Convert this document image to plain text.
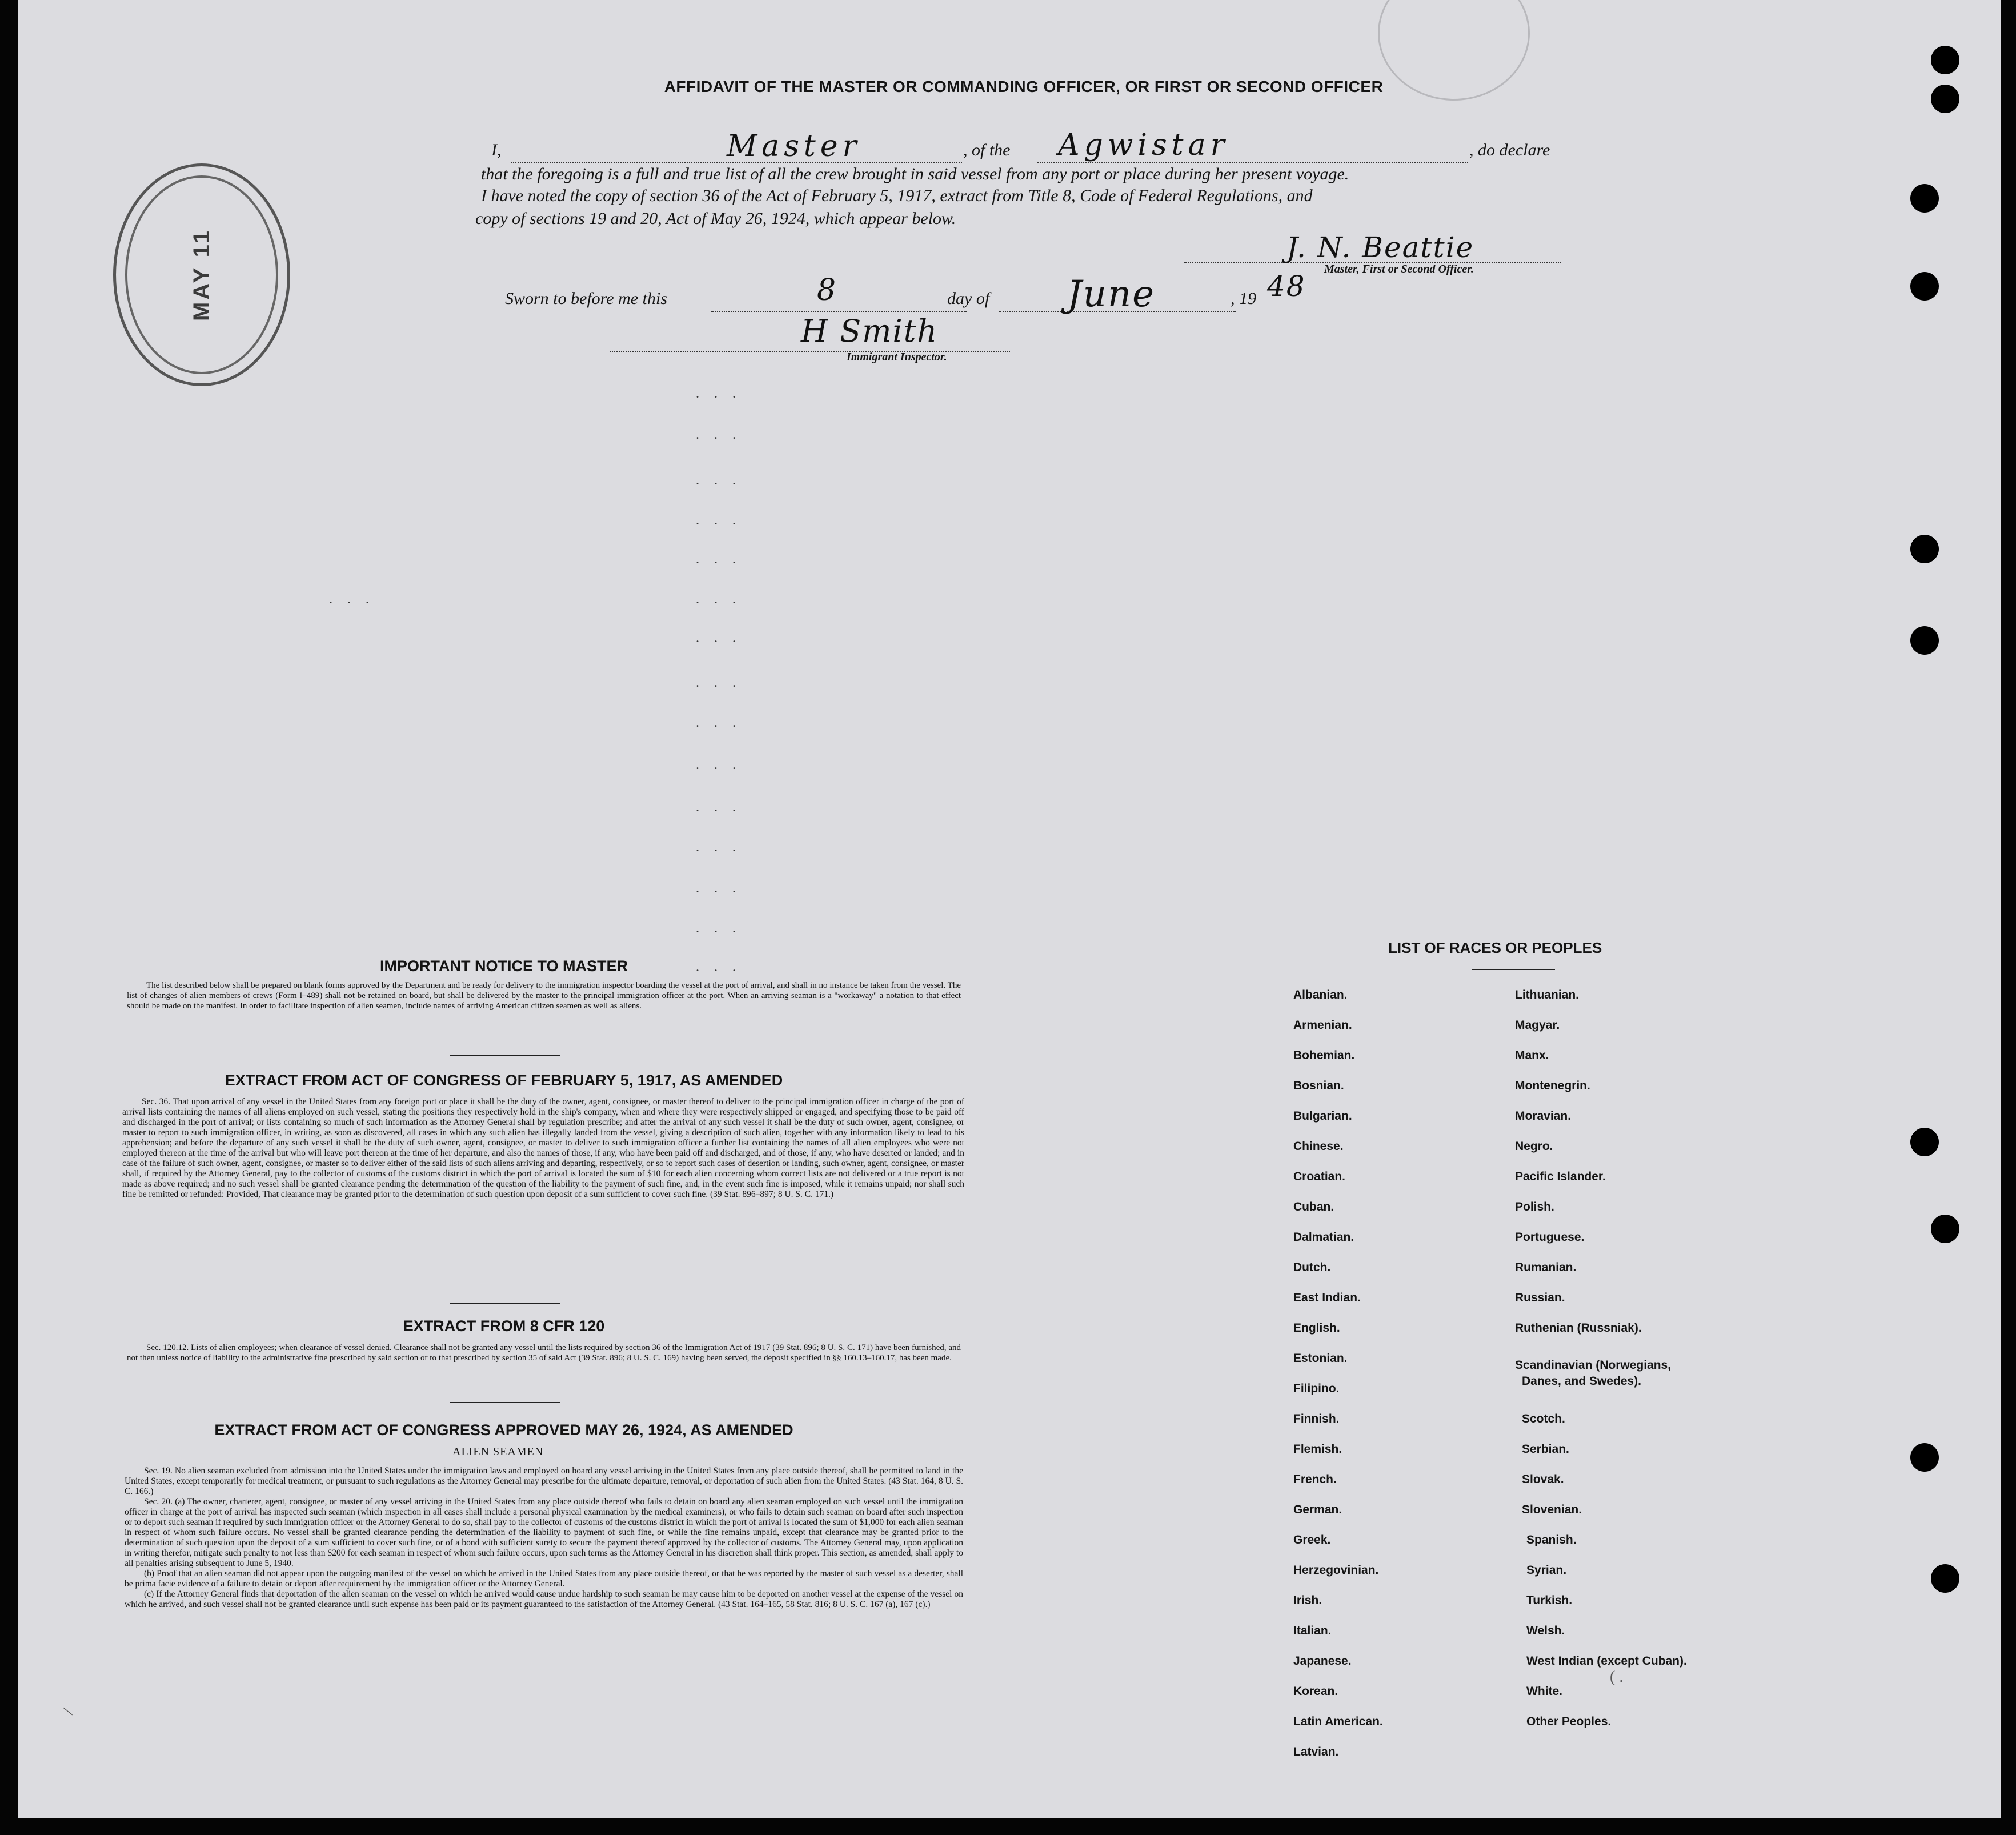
AFFIDAVIT OF THE MASTER OR COMMANDING OFFICER, OR FIRST OR SECOND OFFICER
I,	Master	, of the Agwistar	, do declare
that the foregoing is a full and true list of all the crew brought in said vessel from any port or place during her present voyage.
I have noted the copy of section 36 of the Act of February 5, 1917, extract from Title 8, Code of Federal Regulations, and
copy of sections 19 and 20, Act of May 26, 1924, which appear below.
J. N. Beattie
Master, First or Second Officer.
Sworn to before me this	8	day of June	, 19 48
H Smith
Immigrant Inspector.
MAY 11
. . .
. . .
. . .
. . .
. . .
. . .	. . .
. . .
. . .
. . .
. . .
. . .
. . .
. . .
. . .
. . .
IMPORTANT NOTICE TO MASTER

The list described below shall be prepared on blank forms approved by the Department and be ready for delivery to the immigration inspector boarding the vessel at the port of arrival, and shall in no instance be taken from the vessel. The list of changes of alien members of crews (Form I–489) shall not be retained on board, but shall be delivered by the master to the principal immigration officer at the port. When an arriving seaman is a "workaway" a notation to that effect should be made on the manifest. In order to facilitate inspection of alien seamen, include names of arriving American citizen seamen as well as aliens.

EXTRACT FROM ACT OF CONGRESS OF FEBRUARY 5, 1917, AS AMENDED

Sec. 36. That upon arrival of any vessel in the United States from any foreign port or place it shall be the duty of the owner, agent, consignee, or master thereof to deliver to the principal immigration officer in charge of the port of arrival lists containing the names of all aliens employed on such vessel, stating the positions they respectively hold in the ship's company, when and where they were respectively shipped or engaged, and specifying those to be paid off and discharged in the port of arrival; or lists containing so much of such information as the Attorney General shall by regulation prescribe; and after the arrival of any such vessel it shall be the duty of such owner, agent, consignee, or master to report to such immigration officer, in writing, as soon as discovered, all cases in which any such alien has illegally landed from the vessel, giving a description of such alien, together with any information likely to lead to his apprehension; and before the departure of any such vessel it shall be the duty of such owner, agent, consignee, or master to deliver to such immigration officer a further list containing the names of all alien employees who were not employed thereon at the time of the arrival but who will leave port thereon at the time of her departure, and also the names of those, if any, who have been paid off and discharged, and of those, if any, who have deserted or landed; and in case of the failure of such owner, agent, consignee, or master so to deliver either of the said lists of such aliens arriving and departing, respectively, or so to report such cases of desertion or landing, such owner, agent, consignee, or master shall, if required by the Attorney General, pay to the collector of customs of the customs district in which the port of arrival is located the sum of $10 for each alien concerning whom correct lists are not delivered or a true report is not made as above required; and no such vessel shall be granted clearance pending the determination of the question of the liability to the payment of such fine, and, in the event such fine is imposed, while it remains unpaid; nor shall such fine be remitted or refunded: Provided, That clearance may be granted prior to the determination of such question upon deposit of a sum sufficient to cover such fine. (39 Stat. 896–897; 8 U. S. C. 171.)

EXTRACT FROM 8 CFR 120

Sec. 120.12. Lists of alien employees; when clearance of vessel denied. Clearance shall not be granted any vessel until the lists required by section 36 of the Immigration Act of 1917 (39 Stat. 896; 8 U. S. C. 171) have been furnished, and not then unless notice of liability to the administrative fine prescribed by said section or to that prescribed by section 35 of said Act (39 Stat. 896; 8 U. S. C. 169) having been served, the deposit specified in §§ 160.13–160.17, has been made.

EXTRACT FROM ACT OF CONGRESS APPROVED MAY 26, 1924, AS AMENDED
ALIEN SEAMEN

Sec. 19. No alien seaman excluded from admission into the United States under the immigration laws and employed on board any vessel arriving in the United States from any place outside thereof, shall be permitted to land in the United States, except temporarily for medical treatment, or pursuant to such regulations as the Attorney General may prescribe for the ultimate departure, removal, or deportation of such alien from the United States. (43 Stat. 164, 8 U. S. C. 166.)

Sec. 20. (a) The owner, charterer, agent, consignee, or master of any vessel arriving in the United States from any place outside thereof who fails to detain on board any alien seaman employed on such vessel until the immigration officer in charge at the port of arrival has inspected such seaman (which inspection in all cases shall include a personal physical examination by the medical examiners), or who fails to detain such seaman on board after such inspection or to deport such seaman if required by such immigration officer or the Attorney General to do so, shall pay to the collector of customs of the customs district in which the port of arrival is located the sum of $1,000 for each alien seaman in respect of whom such failure occurs. No vessel shall be granted clearance pending the determination of the liability to payment of such fine, or while the fine remains unpaid, except that clearance may be granted prior to the determination of such question upon the deposit of a sum sufficient to cover such fine, or of a bond with sufficient surety to secure the payment thereof approved by the collector of customs. The Attorney General may, upon application in writing therefor, mitigate such penalty to not less than $200 for each seaman in respect of whom such failure occurs, upon such terms as the Attorney General in his discretion shall think proper. This section, as amended, shall apply to all penalties arising subsequent to June 5, 1940.

(b) Proof that an alien seaman did not appear upon the outgoing manifest of the vessel on which he arrived in the United States from any place outside thereof, or that he was reported by the master of such vessel as a deserter, shall be prima facie evidence of a failure to detain or deport after requirement by the immigration officer or the Attorney General.

(c) If the Attorney General finds that deportation of the alien seaman on the vessel on which he arrived would cause undue hardship to such seaman he may cause him to be deported on another vessel at the expense of the vessel on which he arrived, and such vessel shall not be granted clearance until such expense has been paid or its payment guaranteed to the satisfaction of the Attorney General. (43 Stat. 164–165, 58 Stat. 816; 8 U. S. C. 167 (a), 167 (c).)

LIST OF RACES OR PEOPLES
Albanian.
Armenian.
Bohemian.
Bosnian.
Bulgarian.
Chinese.
Croatian.
Cuban.
Dalmatian.
Dutch.
East Indian.
English.
Estonian.
Filipino.
Finnish.
Flemish.
French.
German.
Greek.
Herzegovinian.
Irish.
Italian.
Japanese.
Korean.
Latin American.
Latvian.
Lithuanian.
Magyar.
Manx.
Montenegrin.
Moravian.
Negro.
Pacific Islander.
Polish.
Portuguese.
Rumanian.
Russian.
Ruthenian (Russniak).
Scandinavian (Norwegians,
Danes, and Swedes).
Scotch.
Serbian.
Slovak.
Slovenian.
Spanish.
Syrian.
Turkish.
Welsh.
West Indian (except Cuban).
White.
Other Peoples.
/
( .
